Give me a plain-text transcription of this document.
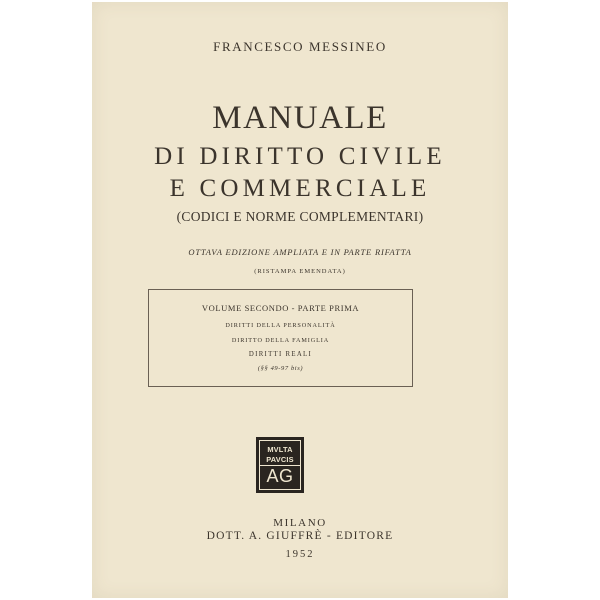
FRANCESCO MESSINEO
MANUALE
DI DIRITTO CIVILE
E COMMERCIALE
(CODICI E NORME COMPLEMENTARI)
OTTAVA EDIZIONE AMPLIATA E IN PARTE RIFATTA
(RISTAMPA EMENDATA)
VOLUME SECONDO - PARTE PRIMA
DIRITTI DELLA PERSONALITÀ
DIRITTO DELLA FAMIGLIA
DIRITTI REALI
(§§ 49-97 bis)
MVLTA
PAVCIS
AG
MILANO
DOTT. A. GIUFFRÈ - EDITORE
1952
